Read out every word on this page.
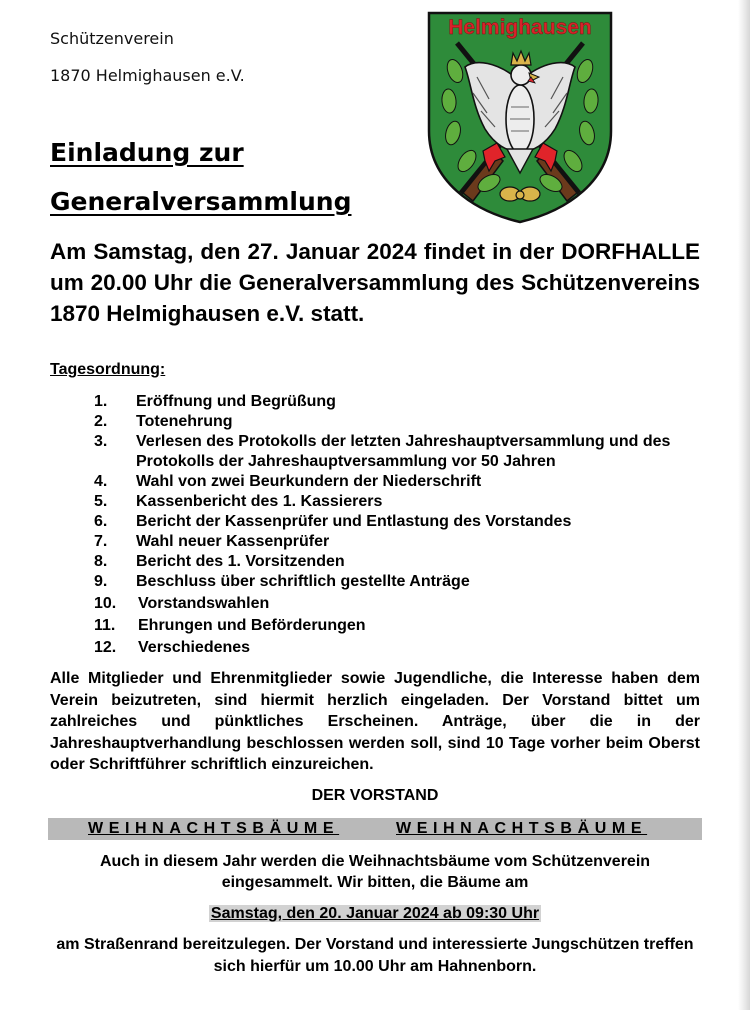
Schützenverein
1870 Helmighausen e.V.
Einladung zur
Generalversammlung
Helmighausen

Am Samstag, den 27. Januar 2024 findet in der DORFHALLE um 20.00 Uhr die Generalversammlung des Schützenvereins 1870 Helmighausen e.V. statt.

Tagesordnung:
1.	Eröffnung und Begrüßung
2.	Totenehrung
3.	Verlesen des Protokolls der letzten Jahreshauptversammlung und des Protokolls der Jahreshauptversammlung vor 50 Jahren
4.	Wahl von zwei Beurkundern der Niederschrift
5.	Kassenbericht des 1. Kassierers
6.	Bericht der Kassenprüfer und Entlastung des Vorstandes
7.	Wahl neuer Kassenprüfer
8.	Bericht des 1. Vorsitzenden
9.	Beschluss über schriftlich gestellte Anträge
10.	Vorstandswahlen
11.	Ehrungen und Beförderungen
12.	Verschiedenes

Alle Mitglieder und Ehrenmitglieder sowie Jugendliche, die Interesse haben dem Verein beizutreten, sind hiermit herzlich eingeladen. Der Vorstand bittet um zahlreiches und pünktliches Erscheinen. Anträge, über die in der Jahreshauptverhandlung beschlossen werden soll, sind 10 Tage vorher beim Oberst oder Schriftführer schriftlich einzureichen.

DER VORSTAND
WEIHNACHTSBÄUME	WEIHNACHTSBÄUME

Auch in diesem Jahr werden die Weihnachtsbäume vom Schützenverein eingesammelt. Wir bitten, die Bäume am

Samstag, den 20. Januar 2024 ab 09:30 Uhr

am Straßenrand bereitzulegen. Der Vorstand und interessierte Jungschützen treffen sich hierfür um 10.00 Uhr am Hahnenborn.
